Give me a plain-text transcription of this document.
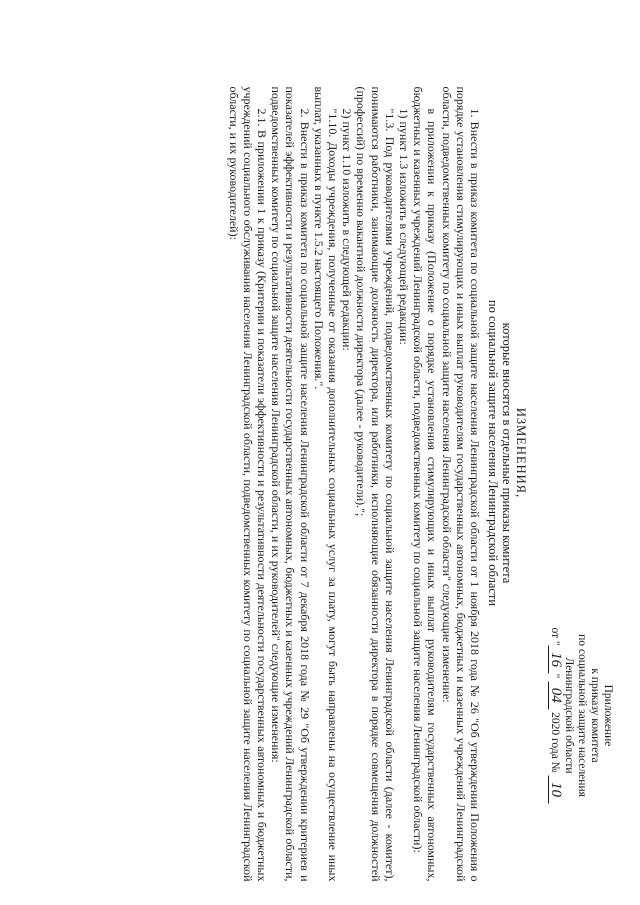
Приложение
к приказу комитета
по социальной защите населения
Ленинградской области
от "16" 04 2020 года № 10
ИЗМЕНЕНИЯ,
которые вносятся в отдельные приказы комитета
по социальной защите населения Ленинградской области

1. Внести в приказ комитета по социальной защите населения Ленинградской области от 1 ноября 2018 года № 26 "Об утверждении Положения о порядке установления стимулирующих и иных выплат руководителям государственных автономных, бюджетных и казенных учреждений Ленинградской области, подведомственных комитету по социальной защите населения Ленинградской области" следующие изменение:

в приложении к приказу (Положение о порядке установления стимулирующих и иных выплат руководителям государственных автономных, бюджетных и казенных учреждений Ленинградской области, подведомственных комитету по социальной защите населения Ленинградской области):

1) пункт 1.3 изложить в следующей редакции:

"1.3. Под руководителями учреждений, подведомственных комитету по социальной защите населения Ленинградской области (далее - комитет), понимаются работники, занимающие должность директора, или работники, исполняющие обязанности директора в порядке совмещения должностей (профессий) по временно вакантной должности директора (далее - руководители).";

2) пункт 1.10 изложить в следующей редакции:

"1.10. Доходы учреждения, полученные от оказания дополнительных социальных услуг за плату, могут быть направлены на осуществление иных выплат, указанных в пункте 1.5.2 настоящего Положения.".

2. Внести в приказ комитета по социальной защите населения Ленинградской области от 7 декабря 2018 года № 29 "Об утверждении критериев и показателей эффективности и результативности деятельности государственных автономных, бюджетных и казенных учреждений Ленинградской области, подведомственных комитету по социальной защите населения Ленинградской области, и их руководителей" следующие изменения:

2.1. В приложении 1 к приказу (Критерии и показатели эффективности и результативности деятельности государственных автономных и бюджетных учреждений социального обслуживания населения Ленинградской области, подведомственных комитету по социальной защите населения Ленинградской области, и их руководителей):
